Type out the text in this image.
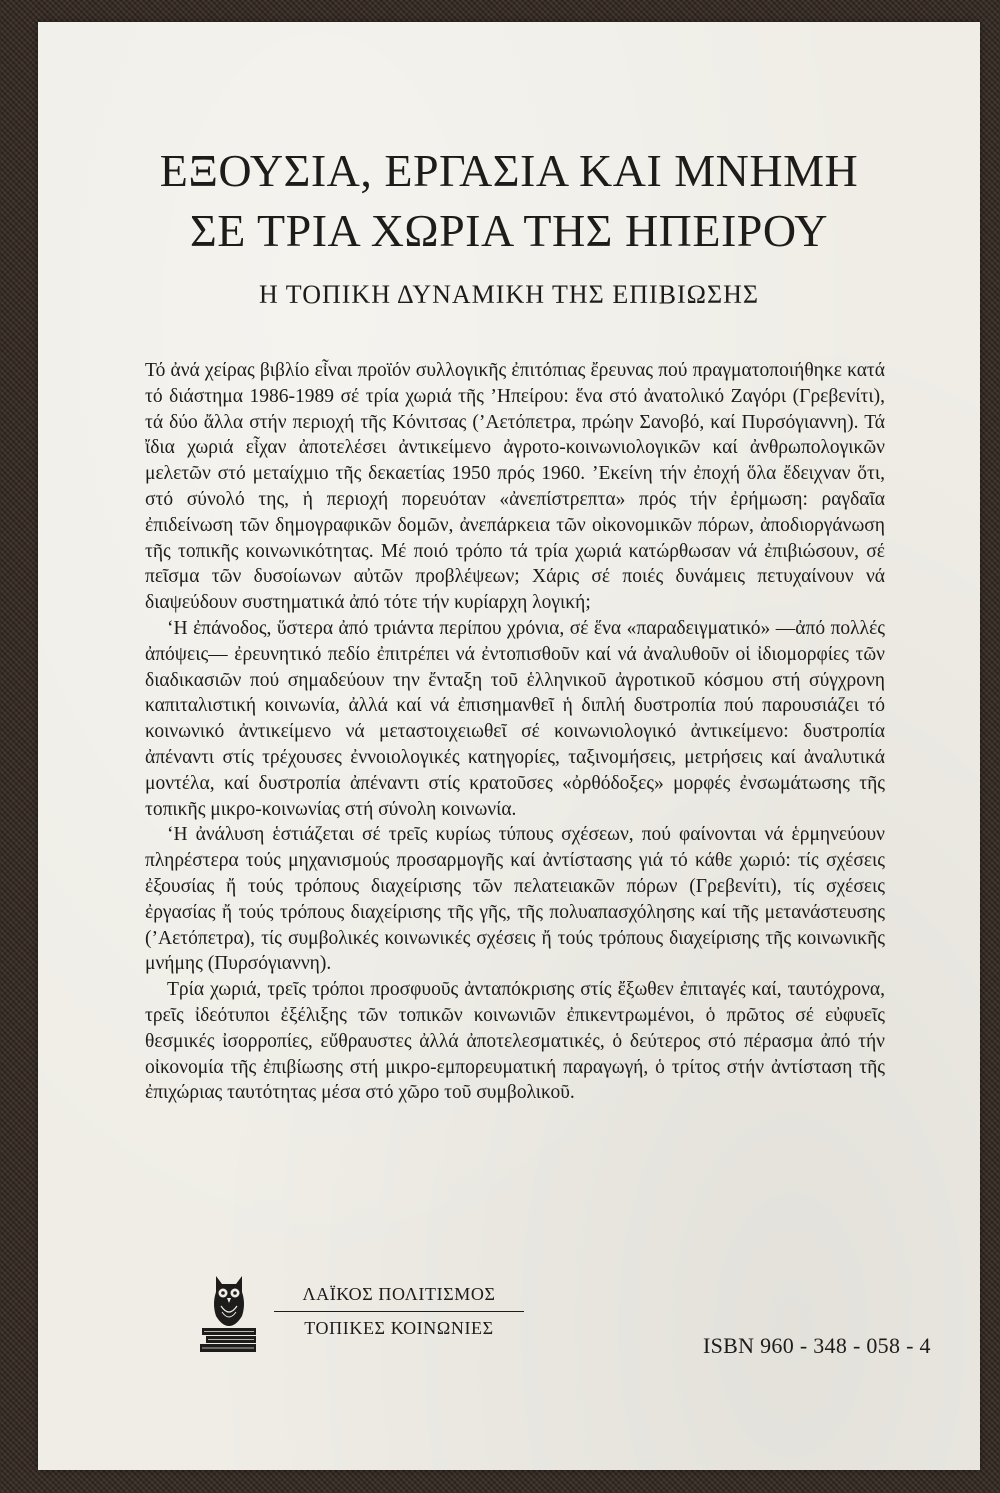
ΕΞΟΥΣΙΑ, ΕΡΓΑΣΙΑ ΚΑΙ ΜΝΗΜΗ
ΣΕ ΤΡΙΑ ΧΩΡΙΑ ΤΗΣ ΗΠΕΙΡΟΥ
Η ΤΟΠΙΚΗ ΔΥΝΑΜΙΚΗ ΤΗΣ ΕΠΙΒΙΩΣΗΣ

Τό ἀνά χείρας βιβλίο εἶναι προϊόν συλλογικῆς ἐπιτόπιας ἔρευνας πού πραγματοποιήθηκε κατά τό διάστημα 1986-1989 σέ τρία χωριά τῆς ’Ηπείρου: ἕνα στό ἀνατολικό Ζαγόρι (Γρεβενίτι), τά δύο ἄλλα στήν περιοχή τῆς Κόνιτσας (’Αετόπετρα, πρώην Σανοβό, καί Πυρσόγιαννη). Τά ἴδια χωριά εἶχαν ἀποτελέσει ἀντικείμενο ἀγροτο-κοινωνιολογικῶν καί ἀνθρωπολογικῶν μελετῶν στό μεταίχμιο τῆς δεκαετίας 1950 πρός 1960. ’Εκείνη τήν ἐποχή ὅλα ἔδειχναν ὅτι, στό σύνολό της, ἡ περιοχή πορευόταν «ἀνεπίστρεπτα» πρός τήν ἐρήμωση: ραγδαῖα ἐπιδείνωση τῶν δημογραφικῶν δομῶν, ἀνεπάρκεια τῶν οἰκονομικῶν πόρων, ἀποδιοργάνωση τῆς τοπικῆς κοινωνικότητας. Μέ ποιό τρόπο τά τρία χωριά κατώρθωσαν νά ἐπιβιώσουν, σέ πεῖσμα τῶν δυσοίωνων αὐτῶν προβλέψεων; Χάρις σέ ποιές δυνάμεις πετυχαίνουν νά διαψεύδουν συστηματικά ἀπό τότε τήν κυρίαρχη λογική;

‘Η ἐπάνοδος, ὕστερα ἀπό τριάντα περίπου χρόνια, σέ ἕνα «παραδειγματικό» —ἀπό πολλές ἀπόψεις— ἐρευνητικό πεδίο ἐπιτρέπει νά ἐντοπισθοῦν καί νά ἀναλυθοῦν οἱ ἰδιομορφίες τῶν διαδικασιῶν πού σημαδεύουν την ἔνταξη τοῦ ἑλληνικοῦ ἀγροτικοῦ κόσμου στή σύγχρονη καπιταλιστική κοινωνία, ἀλλά καί νά ἐπισημανθεῖ ἡ διπλή δυστροπία πού παρουσιάζει τό κοινωνικό ἀντικείμενο νά μεταστοιχειωθεῖ σέ κοινωνιολογικό ἀντικείμενο: δυστροπία ἀπέναντι στίς τρέχουσες ἐννοιολογικές κατηγορίες, ταξινομήσεις, μετρήσεις καί ἀναλυτικά μοντέλα, καί δυστροπία ἀπέναντι στίς κρατοῦσες «ὀρθόδοξες» μορφές ἐνσωμάτωσης τῆς τοπικῆς μικρο-κοινωνίας στή σύνολη κοινωνία.

‘Η ἀνάλυση ἑστιάζεται σέ τρεῖς κυρίως τύπους σχέσεων, πού φαίνονται νά ἑρμηνεύουν πληρέστερα τούς μηχανισμούς προσαρμογῆς καί ἀντίστασης γιά τό κάθε χωριό: τίς σχέσεις ἐξουσίας ἤ τούς τρόπους διαχείρισης τῶν πελατειακῶν πόρων (Γρεβενίτι), τίς σχέσεις ἐργασίας ἤ τούς τρόπους διαχείρισης τῆς γῆς, τῆς πολυαπασχόλησης καί τῆς μετανάστευσης (’Αετόπετρα), τίς συμβολικές κοινωνικές σχέσεις ἤ τούς τρόπους διαχείρισης τῆς κοινωνικῆς μνήμης (Πυρσόγιαννη).

Τρία χωριά, τρεῖς τρόποι προσφυοῦς ἀνταπόκρισης στίς ἔξωθεν ἐπιταγές καί, ταυτόχρονα, τρεῖς ἰδεότυποι ἐξέλιξης τῶν τοπικῶν κοινωνιῶν ἐπικεντρωμένοι, ὁ πρῶτος σέ εὐφυεῖς θεσμικές ἰσορροπίες, εὔθραυστες ἀλλά ἀποτελεσματικές, ὁ δεύτερος στό πέρασμα ἀπό τήν οἰκονομία τῆς ἐπιβίωσης στή μικρο-εμπορευματική παραγωγή, ὁ τρίτος στήν ἀντίσταση τῆς ἐπιχώριας ταυτότητας μέσα στό χῶρο τοῦ συμβολικοῦ.

ΛΑΪΚΟΣ ΠΟΛΙΤΙΣΜΟΣ
ΤΟΠΙΚΕΣ ΚΟΙΝΩΝΙΕΣ
ISBN 960 - 348 - 058 - 4
